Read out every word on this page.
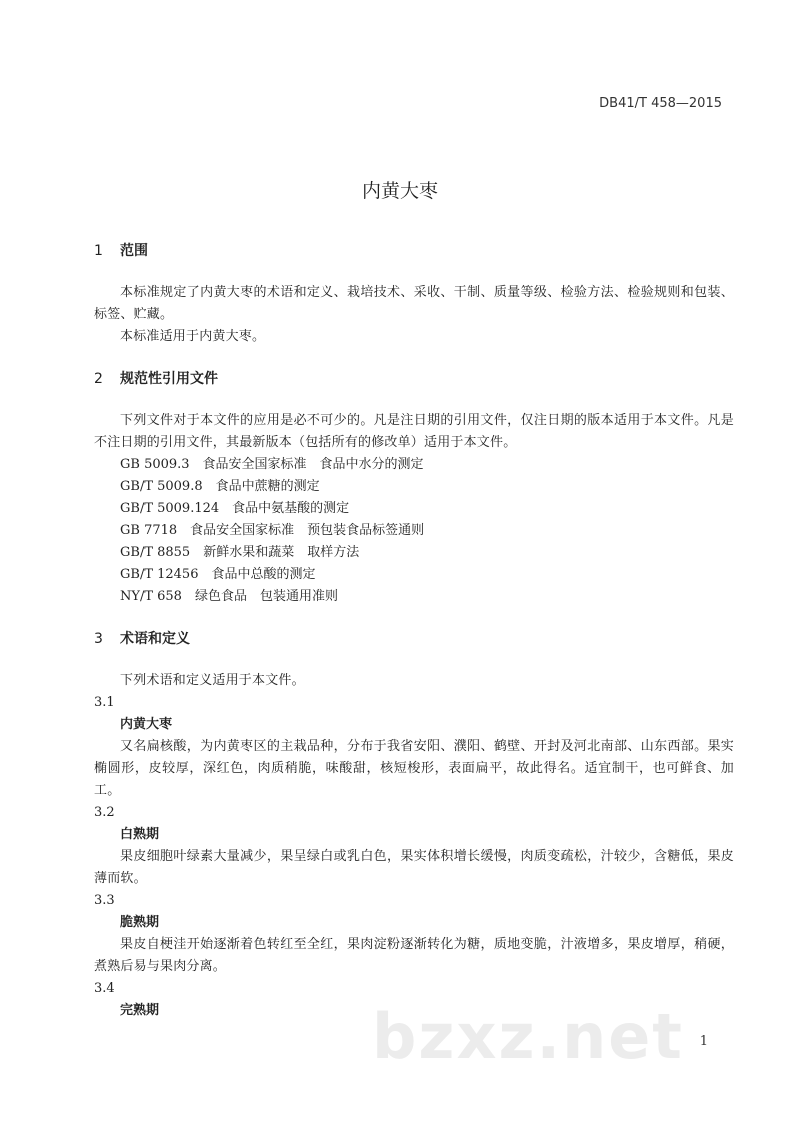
DB41/T 458—2015
内黄大枣
1 范围

本标准规定了内黄大枣的术语和定义、栽培技术、采收、干制、质量等级、检验方法、检验规则和包装、标签、贮藏。

本标准适用于内黄大枣。

2 规范性引用文件

下列文件对于本文件的应用是必不可少的。凡是注日期的引用文件，仅注日期的版本适用于本文件。凡是不注日期的引用文件，其最新版本（包括所有的修改单）适用于本文件。

GB 5009.3　食品安全国家标准　食品中水分的测定

GB/T 5009.8　食品中蔗糖的测定

GB/T 5009.124　食品中氨基酸的测定

GB 7718　食品安全国家标准　预包装食品标签通则

GB/T 8855　新鲜水果和蔬菜　取样方法

GB/T 12456　食品中总酸的测定

NY/T 658　绿色食品　包装通用准则

3 术语和定义

下列术语和定义适用于本文件。

3.1

内黄大枣

又名扁核酸，为内黄枣区的主栽品种，分布于我省安阳、濮阳、鹤壁、开封及河北南部、山东西部。果实椭圆形，皮较厚，深红色，肉质稍脆，味酸甜，核短梭形，表面扁平，故此得名。适宜制干，也可鲜食、加工。

3.2

白熟期

果皮细胞叶绿素大量减少，果呈绿白或乳白色，果实体积增长缓慢，肉质变疏松，汁较少，含糖低，果皮薄而软。

3.3

脆熟期

果皮自梗洼开始逐渐着色转红至全红，果肉淀粉逐渐转化为糖，质地变脆，汁液增多，果皮增厚，稍硬，煮熟后易与果肉分离。

3.4

完熟期	bzxz.net 1
